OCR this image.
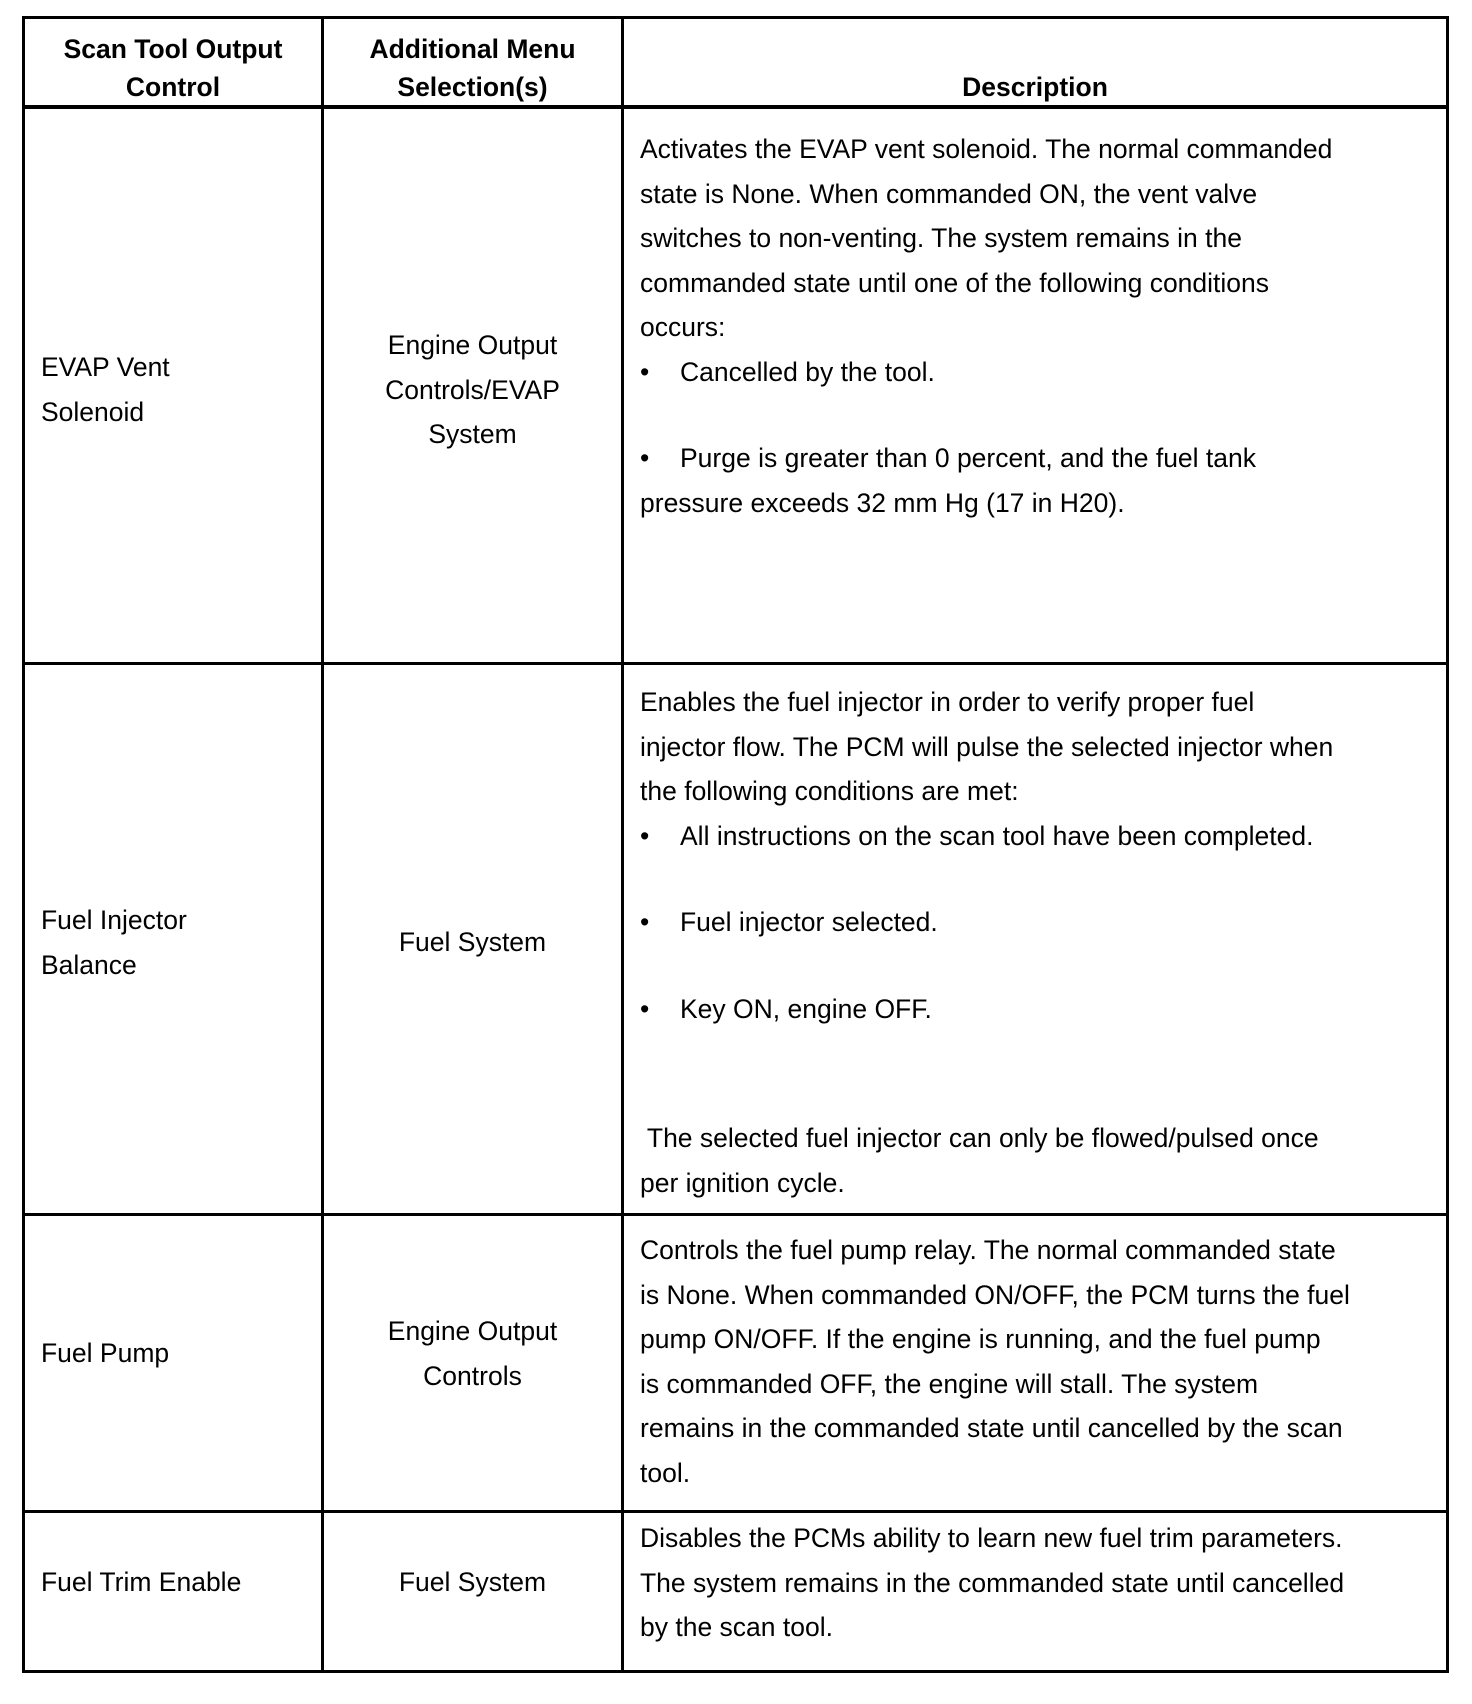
Scan Tool Output
Control
Additional Menu
Selection(s)	Description
EVAP Vent
Solenoid
Engine Output
Controls/EVAP
System

Activates the EVAP vent solenoid. The normal commanded

state is None. When commanded ON, the vent valve

switches to non-venting. The system remains in the

commanded state until one of the following conditions

occurs:

• Cancelled by the tool.

• Purge is greater than 0 percent, and the fuel tank

pressure exceeds 32 mm Hg (17 in H20).

Fuel Injector
Balance
Fuel System

Enables the fuel injector in order to verify proper fuel

injector flow. The PCM will pulse the selected injector when

the following conditions are met:

• All instructions on the scan tool have been completed.

• Fuel injector selected.

• Key ON, engine OFF.

The selected fuel injector can only be flowed/pulsed once

per ignition cycle.

Fuel Pump
Engine Output
Controls

Controls the fuel pump relay. The normal commanded state

is None. When commanded ON/OFF, the PCM turns the fuel

pump ON/OFF. If the engine is running, and the fuel pump

is commanded OFF, the engine will stall. The system

remains in the commanded state until cancelled by the scan

tool.

Fuel Trim Enable	Fuel System

Disables the PCMs ability to learn new fuel trim parameters.

The system remains in the commanded state until cancelled

by the scan tool.
